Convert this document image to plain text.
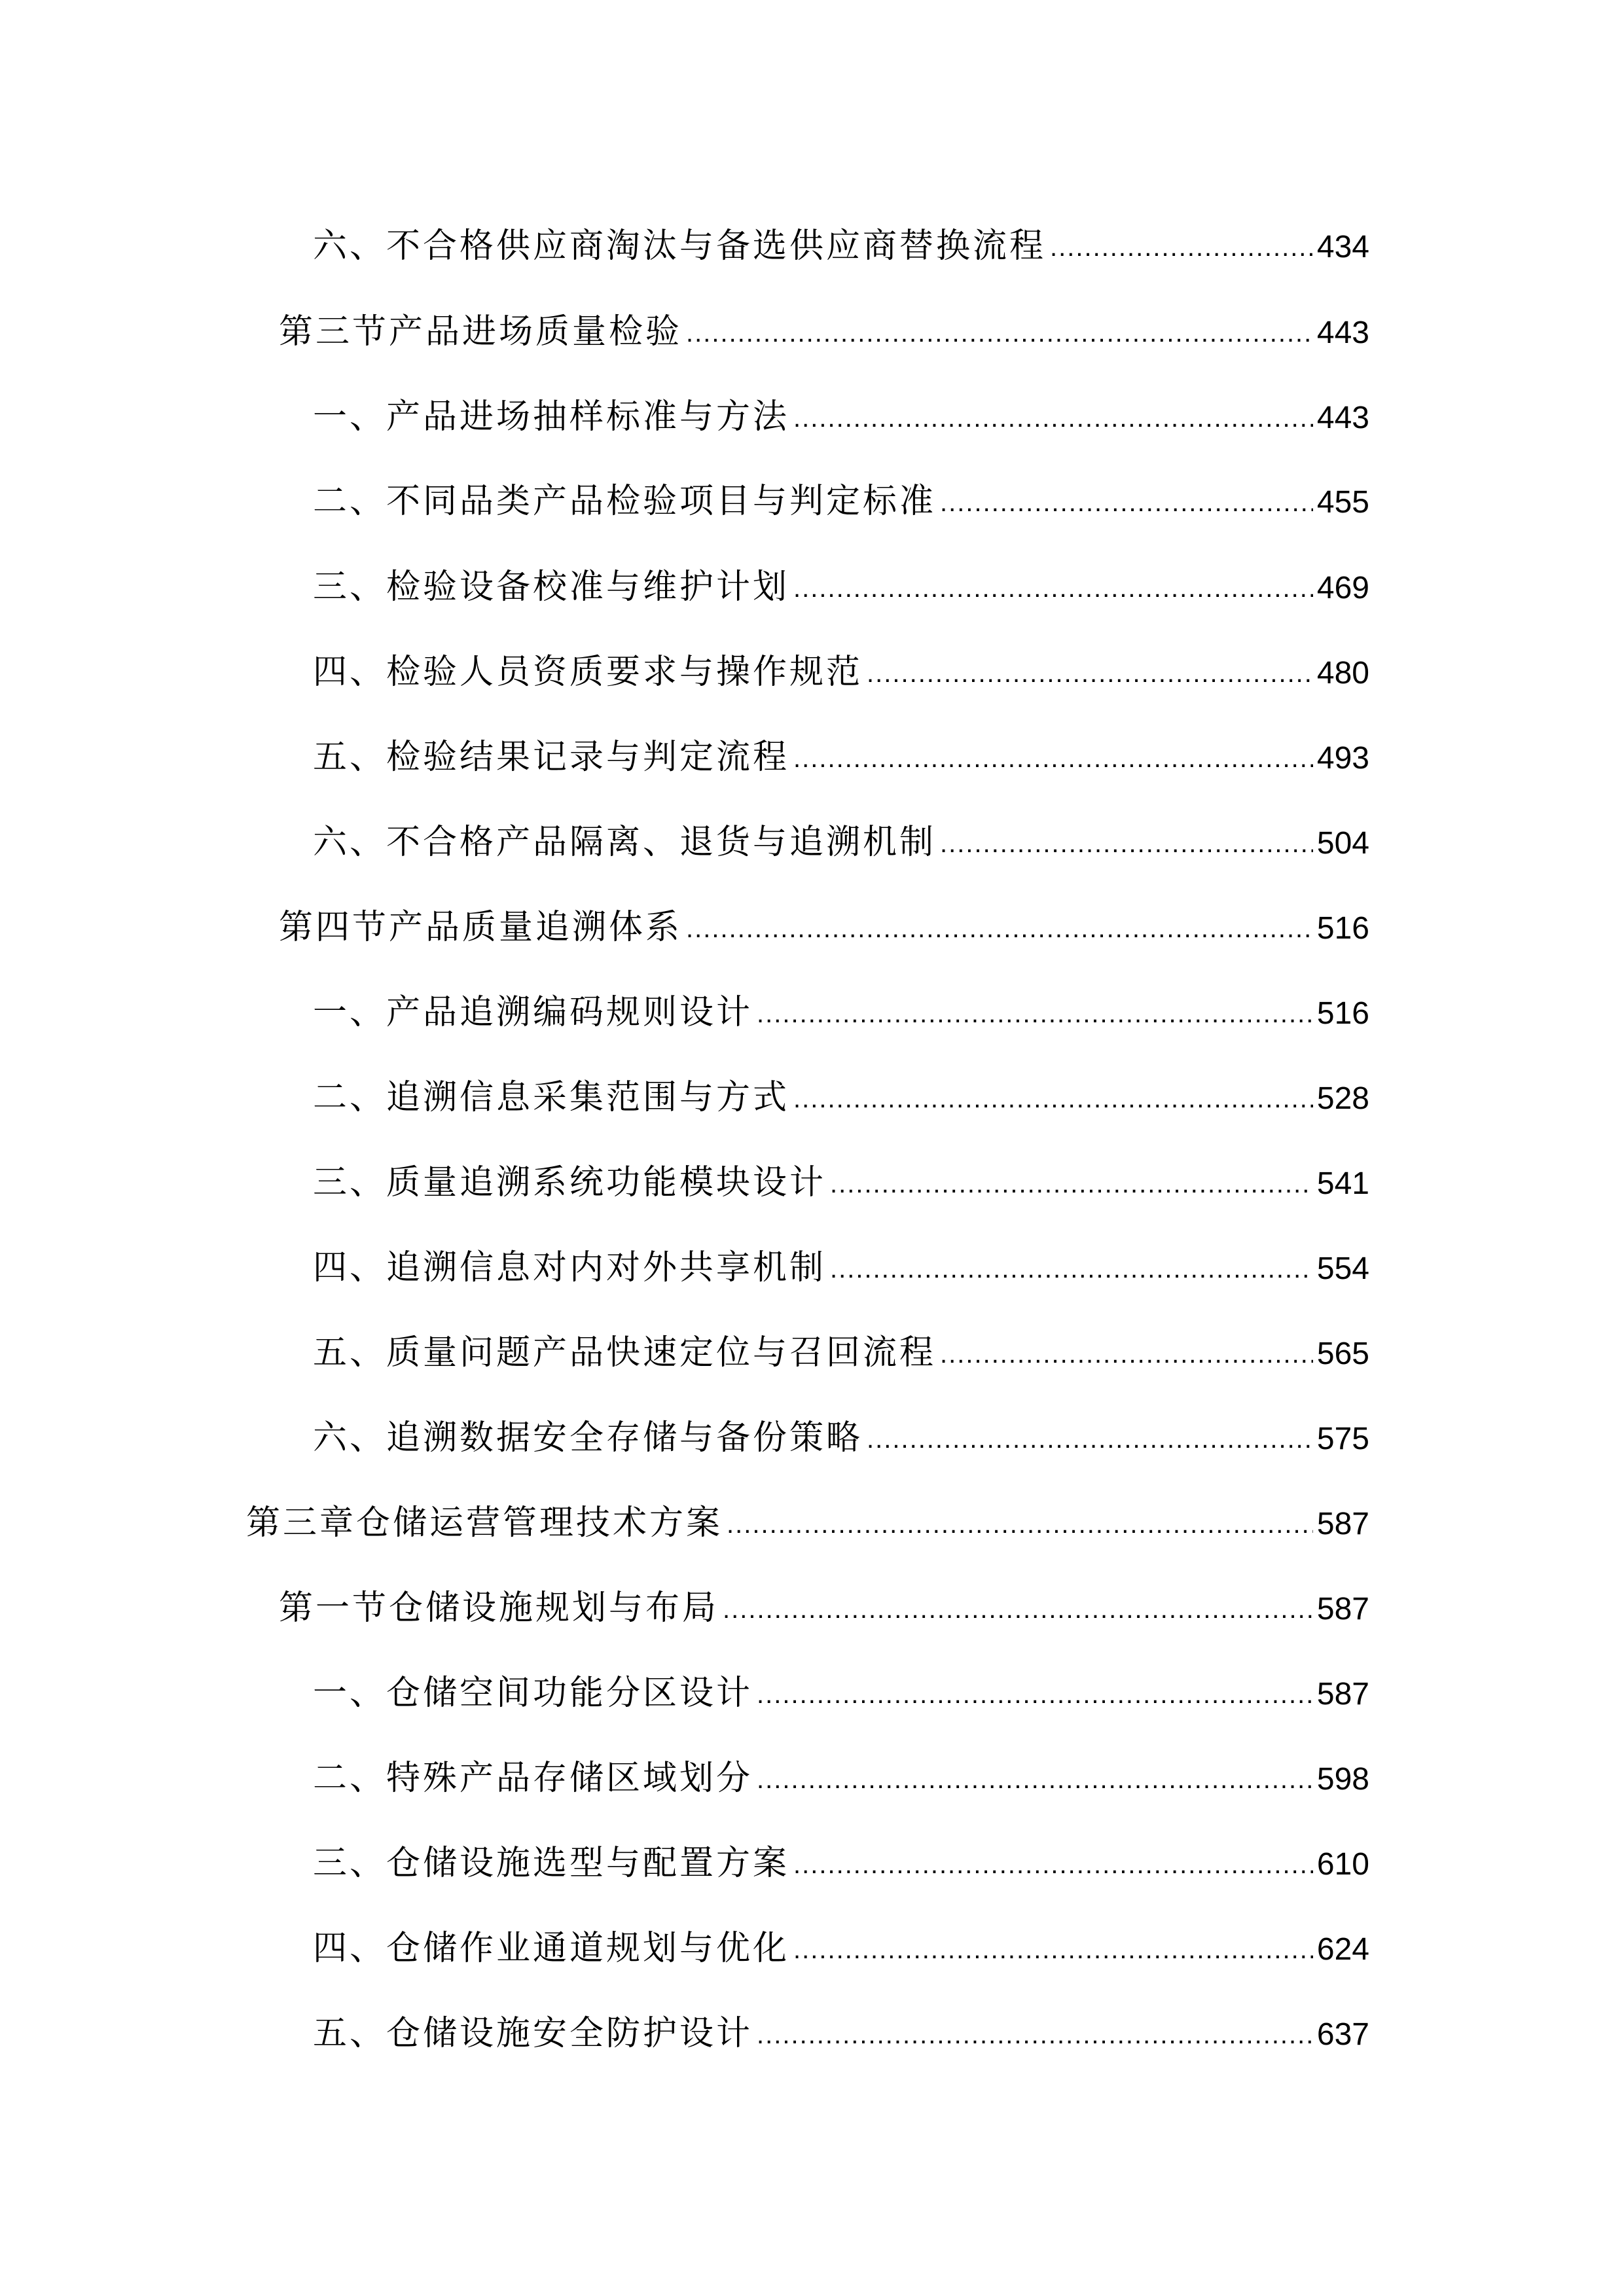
六、不合格供应商淘汰与备选供应商替换流程 .....	434
第三节产品进场质量检验 .....	443
一、产品进场抽样标准与方法 .....	443
二、不同品类产品检验项目与判定标准 .....	455
三、检验设备校准与维护计划 .....	469
四、检验人员资质要求与操作规范 .....	480
五、检验结果记录与判定流程 .....	493
六、不合格产品隔离、退货与追溯机制 .....	504
第四节产品质量追溯体系 .....	516
一、产品追溯编码规则设计 .....	516
二、追溯信息采集范围与方式 .....	528
三、质量追溯系统功能模块设计 .....	541
四、追溯信息对内对外共享机制 .....	554
五、质量问题产品快速定位与召回流程 .....	565
六、追溯数据安全存储与备份策略 .....	575
第三章仓储运营管理技术方案 .....	587
第一节仓储设施规划与布局 .....	587
一、仓储空间功能分区设计 .....	587
二、特殊产品存储区域划分 .....	598
三、仓储设施选型与配置方案 .....	610
四、仓储作业通道规划与优化 .....	624
五、仓储设施安全防护设计 .....	637
